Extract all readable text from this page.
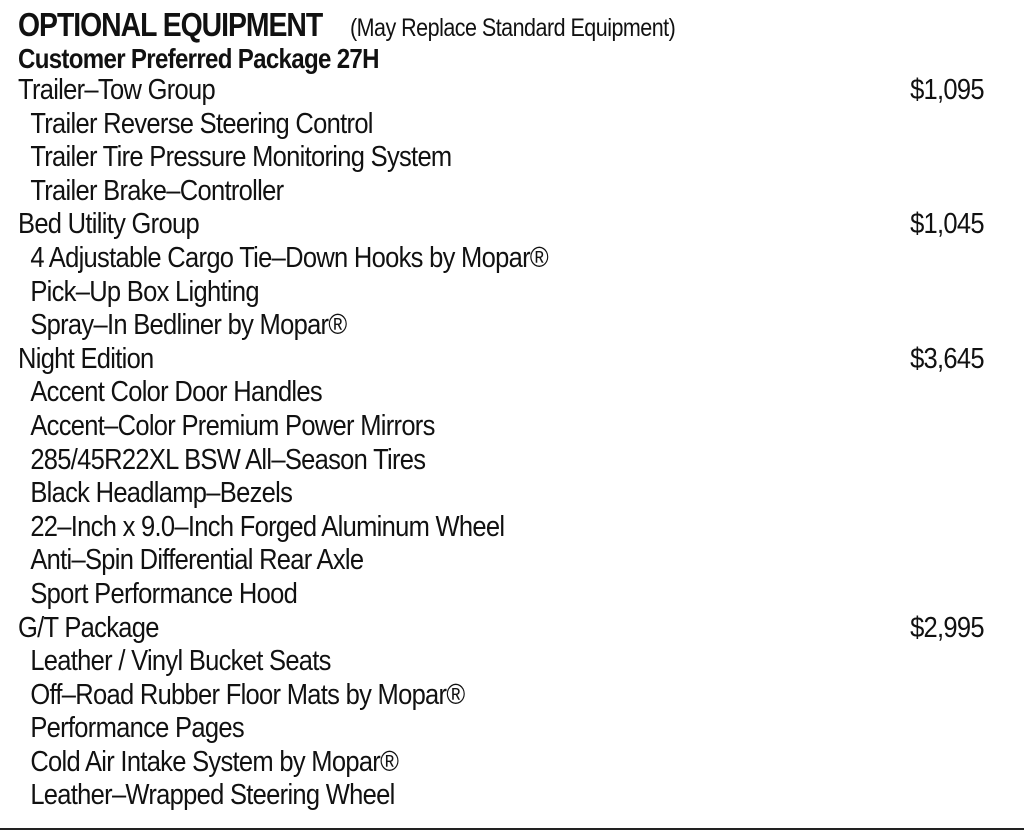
OPTIONAL EQUIPMENT (May Replace Standard Equipment)
Customer Preferred Package 27H
Trailer–Tow Group	$1,095
Trailer Reverse Steering Control
Trailer Tire Pressure Monitoring System
Trailer Brake–Controller
Bed Utility Group	$1,045
4 Adjustable Cargo Tie–Down Hooks by Mopar®
Pick–Up Box Lighting
Spray–In Bedliner by Mopar®
Night Edition	$3,645
Accent Color Door Handles
Accent–Color Premium Power Mirrors
285/45R22XL BSW All–Season Tires
Black Headlamp–Bezels
22–Inch x 9.0–Inch Forged Aluminum Wheel
Anti–Spin Differential Rear Axle
Sport Performance Hood
G/T Package	$2,995
Leather / Vinyl Bucket Seats
Off–Road Rubber Floor Mats by Mopar®
Performance Pages
Cold Air Intake System by Mopar®
Leather–Wrapped Steering Wheel
